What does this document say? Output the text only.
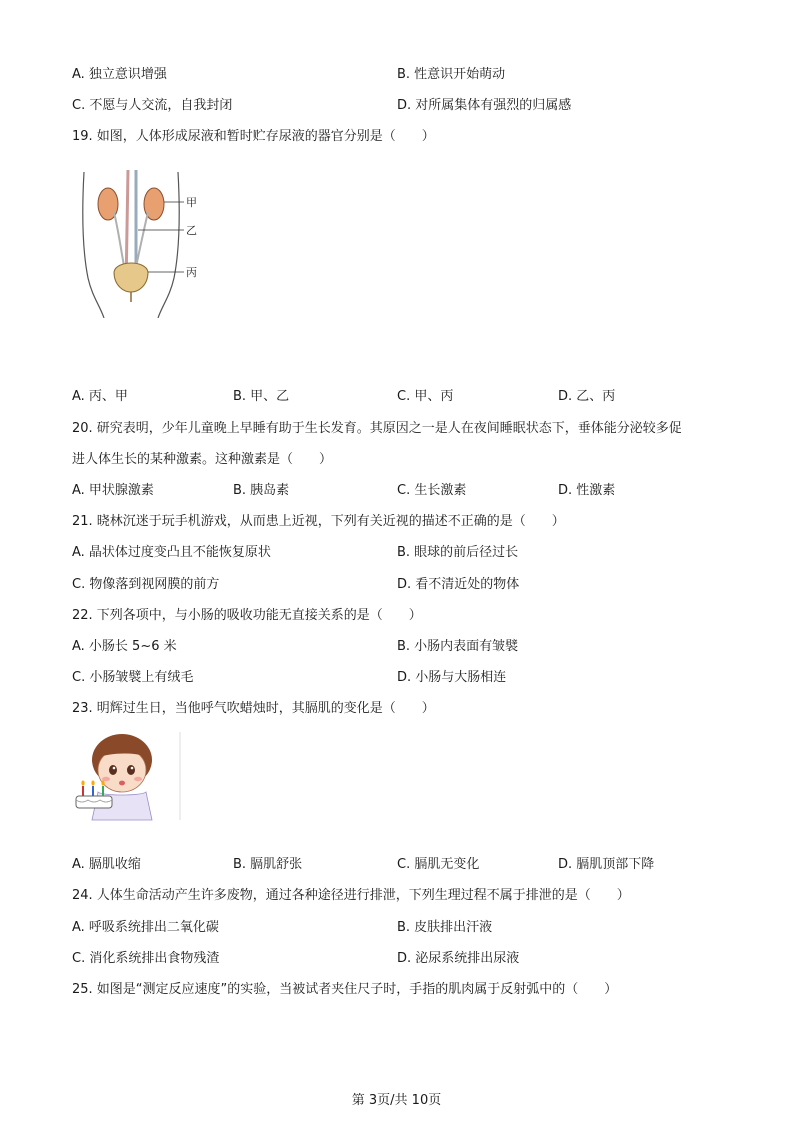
A. 独立意识增强	B. 性意识开始萌动
C. 不愿与人交流，自我封闭	D. 对所属集体有强烈的归属感
19. 如图，人体形成尿液和暂时贮存尿液的器官分别是（　　）
甲
乙
丙
A. 丙、甲	B. 甲、乙	C. 甲、丙	D. 乙、丙
20. 研究表明，少年儿童晚上早睡有助于生长发育。其原因之一是人在夜间睡眠状态下，垂体能分泌较多促
进人体生长的某种激素。这种激素是（　　）
A. 甲状腺激素	B. 胰岛素	C. 生长激素	D. 性激素
21. 晓林沉迷于玩手机游戏，从而患上近视，下列有关近视的描述不正确的是（　　）
A. 晶状体过度变凸且不能恢复原状	B. 眼球的前后径过长
C. 物像落到视网膜的前方	D. 看不清近处的物体
22. 下列各项中，与小肠的吸收功能无直接关系的是（　　）
A. 小肠长 5~6 米	B. 小肠内表面有皱襞
C. 小肠皱襞上有绒毛	D. 小肠与大肠相连
23. 明辉过生日，当他呼气吹蜡烛时，其膈肌的变化是（　　）
A. 膈肌收缩	B. 膈肌舒张	C. 膈肌无变化	D. 膈肌顶部下降
24. 人体生命活动产生许多废物，通过各种途径进行排泄，下列生理过程不属于排泄的是（　　）
A. 呼吸系统排出二氧化碳	B. 皮肤排出汗液
C. 消化系统排出食物残渣	D. 泌尿系统排出尿液
25. 如图是“测定反应速度”的实验，当被试者夹住尺子时，手指的肌肉属于反射弧中的（　　）
第 3页/共 10页
